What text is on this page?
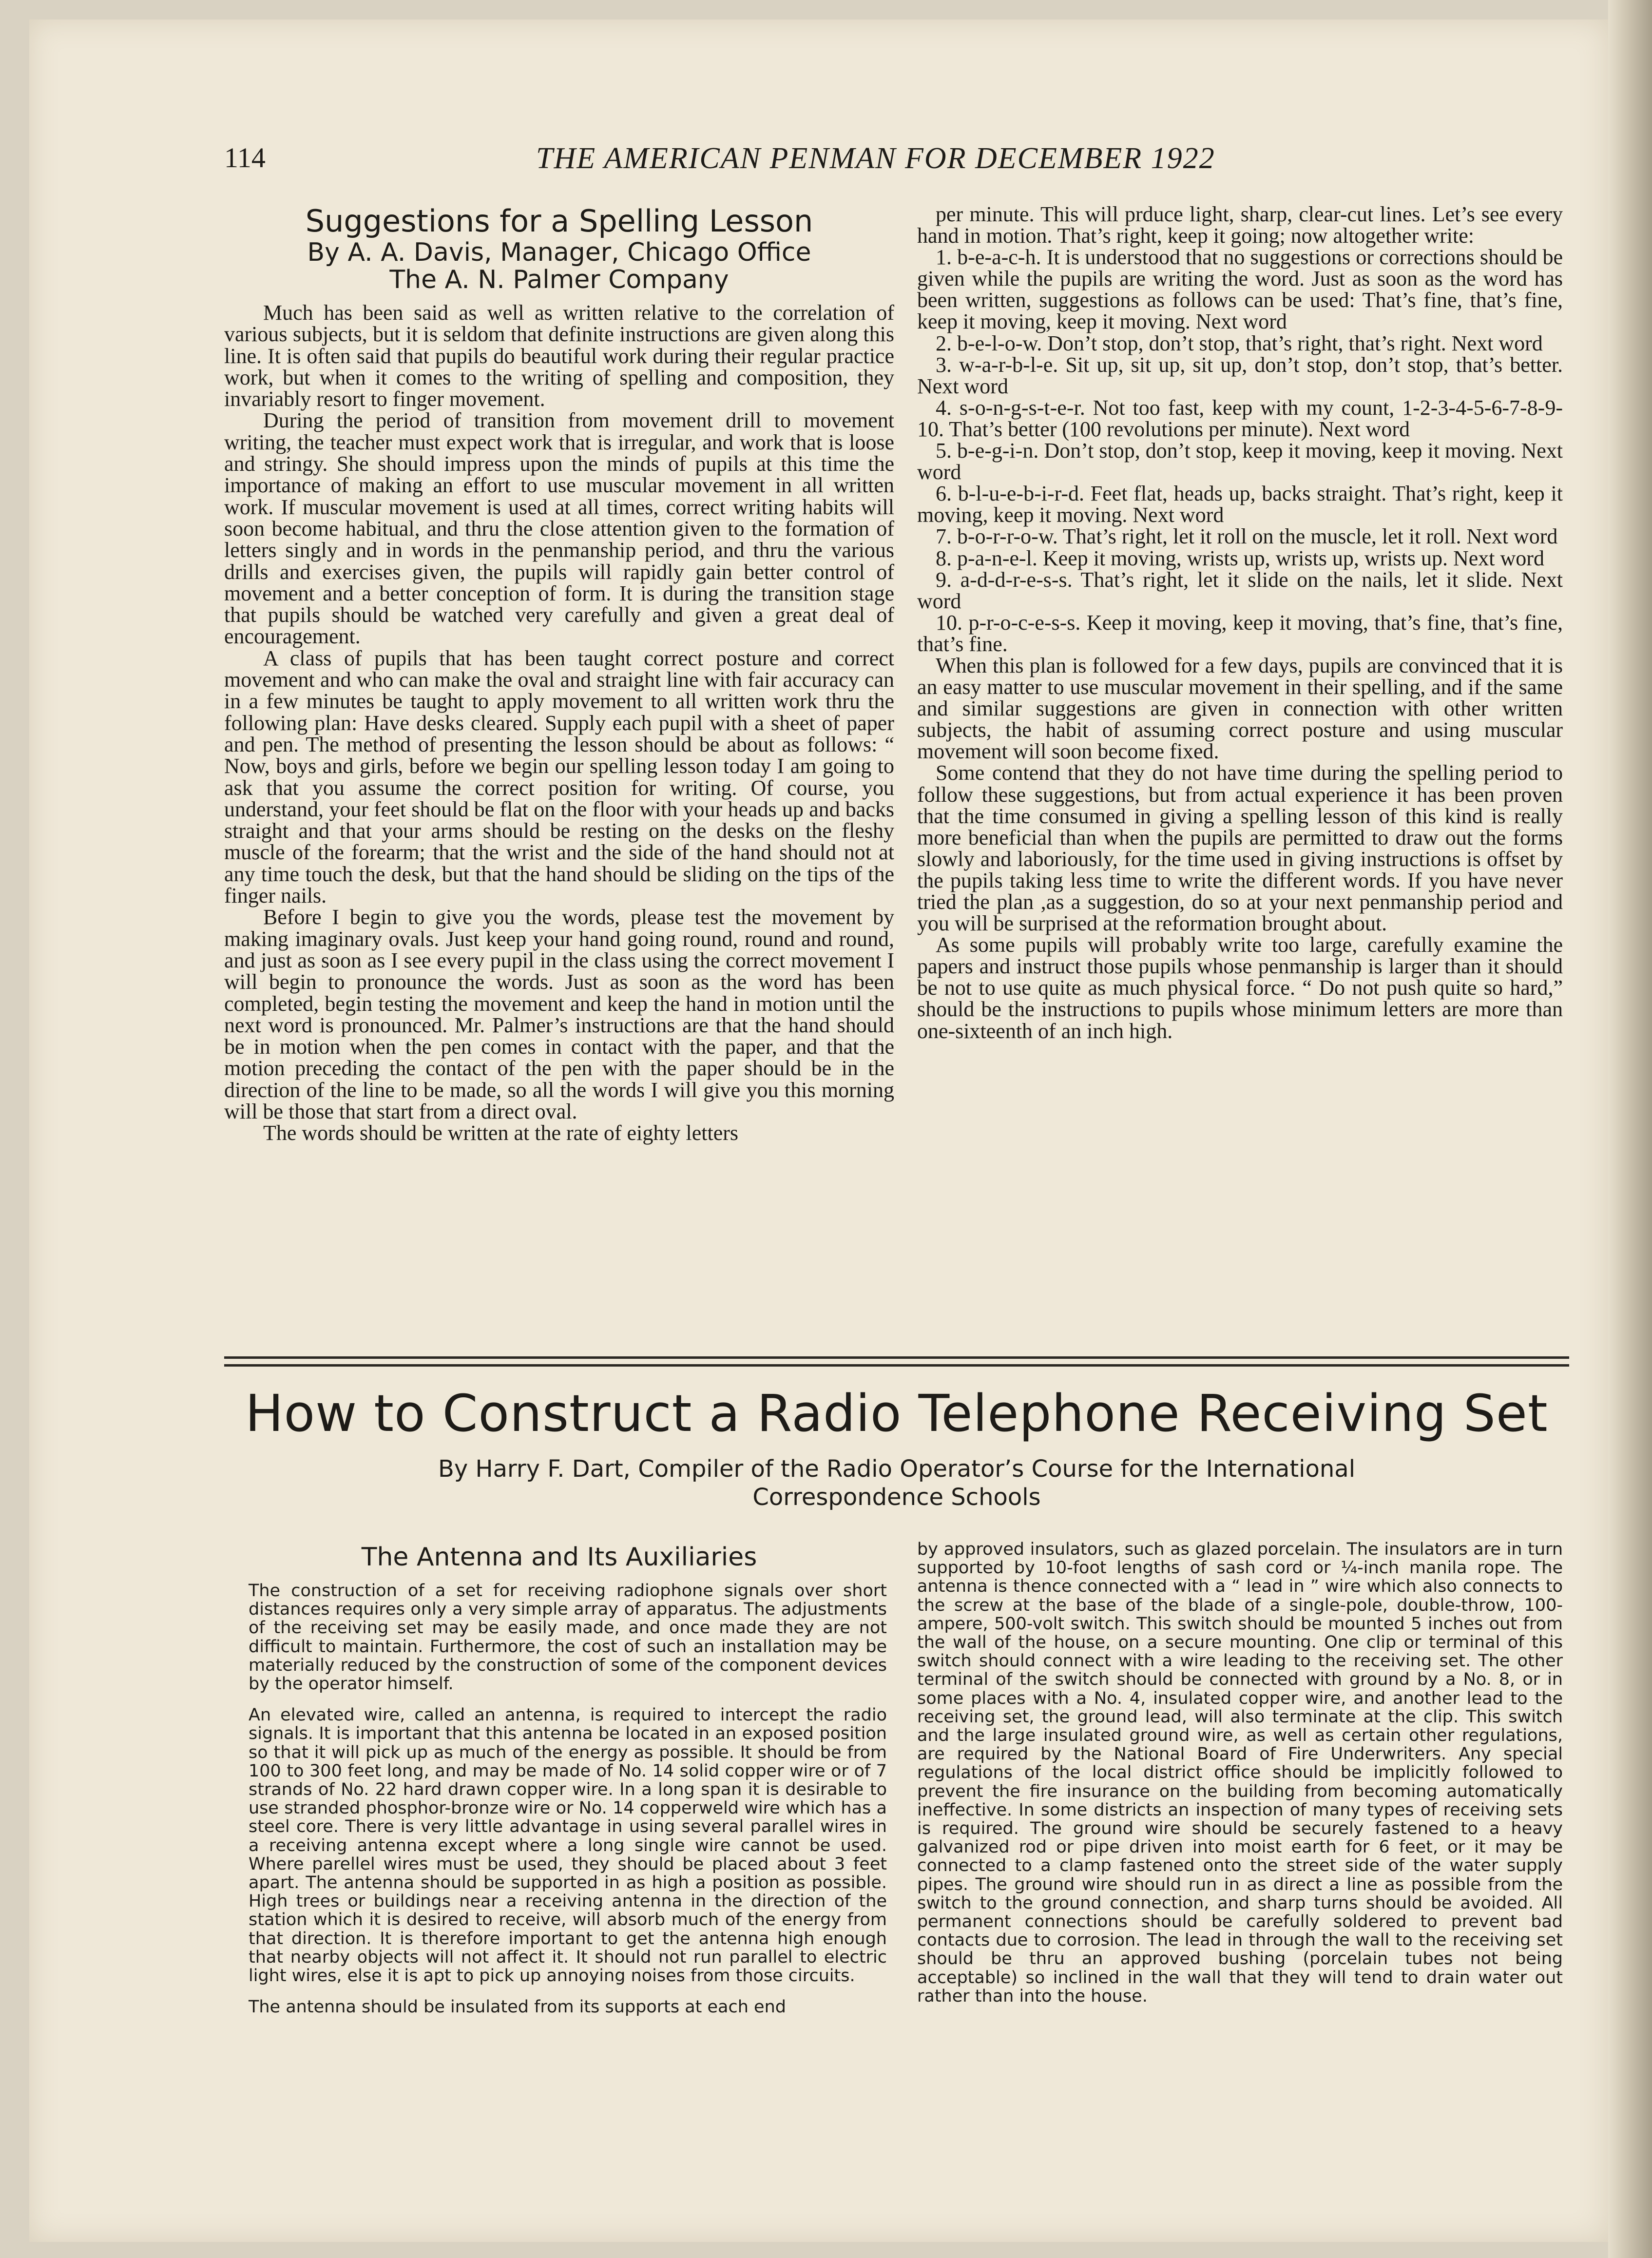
114	THE AMERICAN PENMAN FOR DECEMBER 1922
Suggestions for a Spelling Lesson
By A. A. Davis, Manager, Chicago Office
The A. N. Palmer Company

Much has been said as well as written relative to the correlation of various subjects, but it is seldom that definite instructions are given along this line. It is often said that pupils do beautiful work during their regular practice work, but when it comes to the writing of spelling and composition, they invariably resort to finger movement.

During the period of transition from movement drill to movement writing, the teacher must expect work that is irregular, and work that is loose and stringy. She should impress upon the minds of pupils at this time the importance of making an effort to use muscular movement in all written work. If muscular movement is used at all times, correct writing habits will soon become habitual, and thru the close attention given to the formation of letters singly and in words in the penmanship period, and thru the various drills and exercises given, the pupils will rapidly gain better control of movement and a better conception of form. It is during the transition stage that pupils should be watched very carefully and given a great deal of encouragement.

A class of pupils that has been taught correct posture and correct movement and who can make the oval and straight line with fair accuracy can in a few minutes be taught to apply movement to all written work thru the following plan: Have desks cleared. Supply each pupil with a sheet of paper and pen. The method of presenting the lesson should be about as follows: “ Now, boys and girls, before we begin our spelling lesson today I am going to ask that you assume the correct position for writing. Of course, you understand, your feet should be flat on the floor with your heads up and backs straight and that your arms should be resting on the desks on the fleshy muscle of the forearm; that the wrist and the side of the hand should not at any time touch the desk, but that the hand should be sliding on the tips of the finger nails.

Before I begin to give you the words, please test the movement by making imaginary ovals. Just keep your hand going round, round and round, and just as soon as I see every pupil in the class using the correct movement I will begin to pronounce the words. Just as soon as the word has been completed, begin testing the movement and keep the hand in motion until the next word is pronounced. Mr. Palmer’s instructions are that the hand should be in motion when the pen comes in contact with the paper, and that the motion preceding the contact of the pen with the paper should be in the direction of the line to be made, so all the words I will give you this morning will be those that start from a direct oval.

The words should be written at the rate of eighty letters

per minute. This will prduce light, sharp, clear-cut lines. Let’s see every hand in motion. That’s right, keep it going; now altogether write:

1. b-e-a-c-h. It is understood that no suggestions or corrections should be given while the pupils are writing the word. Just as soon as the word has been written, suggestions as follows can be used: That’s fine, that’s fine, keep it moving, keep it moving. Next word

2. b-e-l-o-w. Don’t stop, don’t stop, that’s right, that’s right. Next word

3. w-a-r-b-l-e. Sit up, sit up, sit up, don’t stop, don’t stop, that’s better. Next word

4. s-o-n-g-s-t-e-r. Not too fast, keep with my count, 1-2-3-4-5-6-7-8-9-10. That’s better (100 revolutions per minute). Next word

5. b-e-g-i-n. Don’t stop, don’t stop, keep it moving, keep it moving. Next word

6. b-l-u-e-b-i-r-d. Feet flat, heads up, backs straight. That’s right, keep it moving, keep it moving. Next word

7. b-o-r-r-o-w. That’s right, let it roll on the muscle, let it roll. Next word

8. p-a-n-e-l. Keep it moving, wrists up, wrists up, wrists up. Next word

9. a-d-d-r-e-s-s. That’s right, let it slide on the nails, let it slide. Next word

10. p-r-o-c-e-s-s. Keep it moving, keep it moving, that’s fine, that’s fine, that’s fine.

When this plan is followed for a few days, pupils are convinced that it is an easy matter to use muscular movement in their spelling, and if the same and similar suggestions are given in connection with other written subjects, the habit of assuming correct posture and using muscular movement will soon become fixed.

Some contend that they do not have time during the spelling period to follow these suggestions, but from actual experience it has been proven that the time consumed in giving a spelling lesson of this kind is really more beneficial than when the pupils are permitted to draw out the forms slowly and laboriously, for the time used in giving instructions is offset by the pupils taking less time to write the different words. If you have never tried the plan ,as a suggestion, do so at your next penmanship period and you will be surprised at the reformation brought about.

As some pupils will probably write too large, carefully examine the papers and instruct those pupils whose penmanship is larger than it should be not to use quite as much physical force. “ Do not push quite so hard,” should be the instructions to pupils whose minimum letters are more than one-sixteenth of an inch high.

How to Construct a Radio Telephone Receiving Set
By Harry F. Dart, Compiler of the Radio Operator’s Course for the International
Correspondence Schools
The Antenna and Its Auxiliaries

The construction of a set for receiving radiophone signals over short distances requires only a very simple array of apparatus. The adjustments of the receiving set may be easily made, and once made they are not difficult to maintain. Furthermore, the cost of such an installation may be materially reduced by the construction of some of the component devices by the operator himself.

An elevated wire, called an antenna, is required to intercept the radio signals. It is important that this antenna be located in an exposed position so that it will pick up as much of the energy as possible. It should be from 100 to 300 feet long, and may be made of No. 14 solid copper wire or of 7 strands of No. 22 hard drawn copper wire. In a long span it is desirable to use stranded phosphor-bronze wire or No. 14 copperweld wire which has a steel core. There is very little advantage in using several parallel wires in a receiving antenna except where a long single wire cannot be used. Where parellel wires must be used, they should be placed about 3 feet apart. The antenna should be supported in as high a position as possible. High trees or buildings near a receiving antenna in the direction of the station which it is desired to receive, will absorb much of the energy from that direction. It is therefore important to get the antenna high enough that nearby objects will not affect it. It should not run parallel to electric light wires, else it is apt to pick up annoying noises from those circuits.

The antenna should be insulated from its supports at each end

by approved insulators, such as glazed porcelain. The insulators are in turn supported by 10-foot lengths of sash cord or ¼-inch manila rope. The antenna is thence connected with a “ lead in ” wire which also connects to the screw at the base of the blade of a single-pole, double-throw, 100-ampere, 500-volt switch. This switch should be mounted 5 inches out from the wall of the house, on a secure mounting. One clip or terminal of this switch should connect with a wire leading to the receiving set. The other terminal of the switch should be connected with ground by a No. 8, or in some places with a No. 4, insulated copper wire, and another lead to the receiving set, the ground lead, will also terminate at the clip. This switch and the large insulated ground wire, as well as certain other regulations, are required by the National Board of Fire Underwriters. Any special regulations of the local district office should be implicitly followed to prevent the fire insurance on the building from becoming automatically ineffective. In some districts an inspection of many types of receiving sets is required. The ground wire should be securely fastened to a heavy galvanized rod or pipe driven into moist earth for 6 feet, or it may be connected to a clamp fastened onto the street side of the water supply pipes. The ground wire should run in as direct a line as possible from the switch to the ground connection, and sharp turns should be avoided. All permanent connections should be carefully soldered to prevent bad contacts due to corrosion. The lead in through the wall to the receiving set should be thru an approved bushing (porcelain tubes not being acceptable) so inclined in the wall that they will tend to drain water out rather than into the house.
